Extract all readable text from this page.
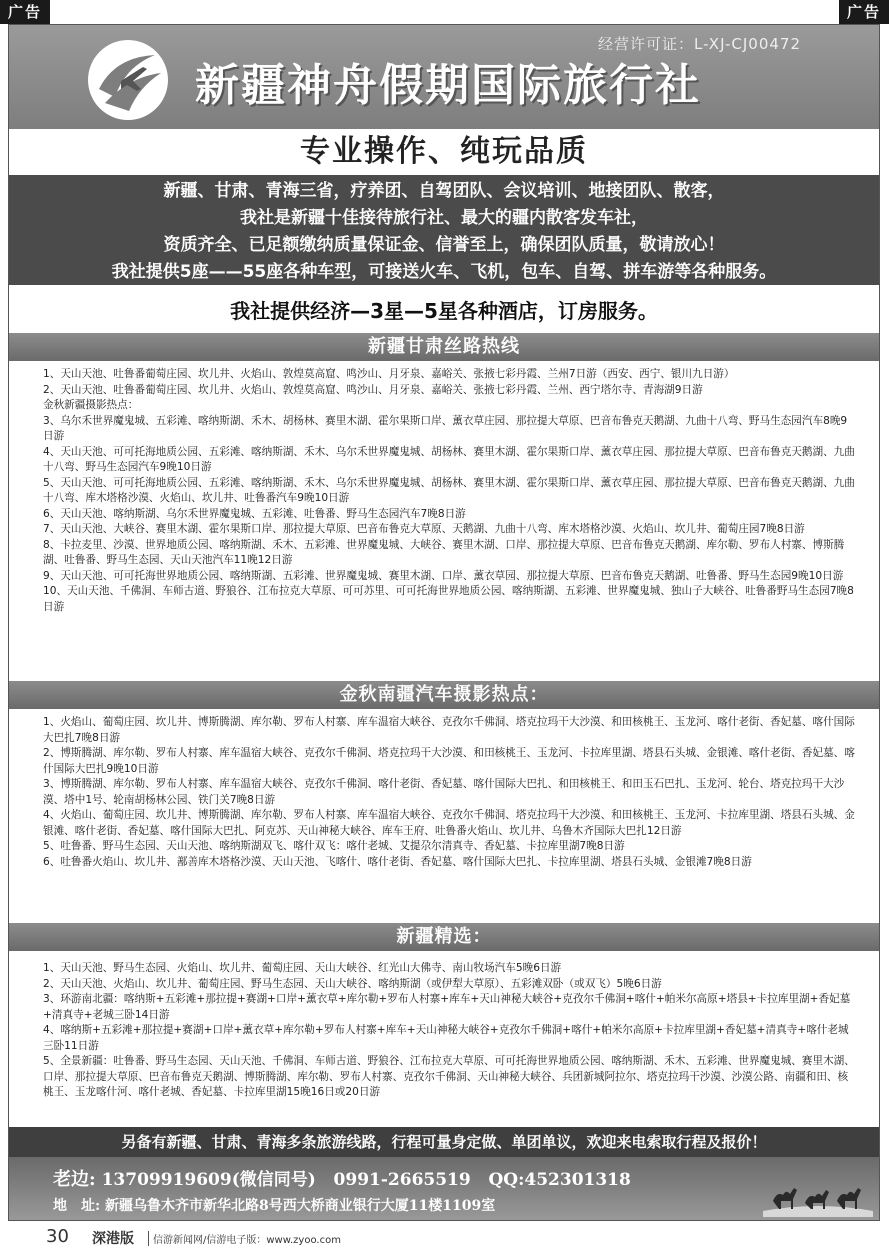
广告	广告
经营许可证：L-XJ-CJ00472
新疆神舟假期国际旅行社
专业操作、纯玩品质
新疆、甘肃、青海三省，疗养团、自驾团队、会议培训、地接团队、散客，
我社是新疆十佳接待旅行社、最大的疆内散客发车社，
资质齐全、已足额缴纳质量保证金、信誉至上，确保团队质量，敬请放心！
我社提供5座——55座各种车型，可接送火车、飞机，包车、自驾、拼车游等各种服务。
我社提供经济—3星—5星各种酒店，订房服务。
新疆甘肃丝路热线

1、天山天池、吐鲁番葡萄庄园、坎儿井、火焰山、敦煌莫高窟、鸣沙山、月牙泉、嘉峪关、张掖七彩丹霞、兰州7日游（西安、西宁、银川九日游）

2、天山天池、吐鲁番葡萄庄园、坎儿井、火焰山、敦煌莫高窟、鸣沙山、月牙泉、嘉峪关、张掖七彩丹霞、兰州、西宁塔尔寺、青海湖9日游

金秋新疆摄影热点：

3、乌尔禾世界魔鬼城、五彩滩、喀纳斯湖、禾木、胡杨林、赛里木湖、霍尔果斯口岸、薰衣草庄园、那拉提大草原、巴音布鲁克天鹅湖、九曲十八弯、野马生态园汽车8晚9日游

4、天山天池、可可托海地质公园、五彩滩、喀纳斯湖、禾木、乌尔禾世界魔鬼城、胡杨林、赛里木湖、霍尔果斯口岸、薰衣草庄园、那拉提大草原、巴音布鲁克天鹅湖、九曲十八弯、野马生态园汽车9晚10日游

5、天山天池、可可托海地质公园、五彩滩、喀纳斯湖、禾木、乌尔禾世界魔鬼城、胡杨林、赛里木湖、霍尔果斯口岸、薰衣草庄园、那拉提大草原、巴音布鲁克天鹅湖、九曲十八弯、库木塔格沙漠、火焰山、坎儿井、吐鲁番汽车9晚10日游

6、天山天池、喀纳斯湖、乌尔禾世界魔鬼城、五彩滩、吐鲁番、野马生态园汽车7晚8日游

7、天山天池、大峡谷、赛里木湖、霍尔果斯口岸、那拉提大草原、巴音布鲁克大草原、天鹅湖、九曲十八弯、库木塔格沙漠、火焰山、坎儿井、葡萄庄园7晚8日游

8、卡拉麦里、沙漠、世界地质公园、喀纳斯湖、禾木、五彩滩、世界魔鬼城、大峡谷、赛里木湖、口岸、那拉提大草原、巴音布鲁克天鹅湖、库尔勒、罗布人村寨、博斯腾湖、吐鲁番、野马生态园、天山天池汽车11晚12日游

9、天山天池、可可托海世界地质公园、喀纳斯湖、五彩滩、世界魔鬼城、赛里木湖、口岸、薰衣草园、那拉提大草原、巴音布鲁克天鹅湖、吐鲁番、野马生态园9晚10日游

10、天山天池、千佛洞、车师古道、野狼谷、江布拉克大草原、可可苏里、可可托海世界地质公园、喀纳斯湖、五彩滩、世界魔鬼城、独山子大峡谷、吐鲁番野马生态园7晚8日游

金秋南疆汽车摄影热点：

1、火焰山、葡萄庄园、坎儿井、博斯腾湖、库尔勒、罗布人村寨、库车温宿大峡谷、克孜尔千佛洞、塔克拉玛干大沙漠、和田核桃王、玉龙河、喀什老街、香妃墓、喀什国际大巴扎7晚8日游

2、博斯腾湖、库尔勒、罗布人村寨、库车温宿大峡谷、克孜尔千佛洞、塔克拉玛干大沙漠、和田核桃王、玉龙河、卡拉库里湖、塔县石头城、金银滩、喀什老街、香妃墓、喀什国际大巴扎9晚10日游

3、博斯腾湖、库尔勒、罗布人村寨、库车温宿大峡谷、克孜尔千佛洞、喀什老街、香妃墓、喀什国际大巴扎、和田核桃王、和田玉石巴扎、玉龙河、轮台、塔克拉玛干大沙漠、塔中1号、轮南胡杨林公园、铁门关7晚8日游

4、火焰山、葡萄庄园、坎儿井、博斯腾湖、库尔勒、罗布人村寨、库车温宿大峡谷、克孜尔千佛洞、塔克拉玛干大沙漠、和田核桃王、玉龙河、卡拉库里湖、塔县石头城、金银滩、喀什老街、香妃墓、喀什国际大巴扎、阿克苏、天山神秘大峡谷、库车王府、吐鲁番火焰山、坎儿井、乌鲁木齐国际大巴扎12日游

5、吐鲁番、野马生态园、天山天池、喀纳斯湖双飞、喀什双飞：喀什老城、艾提尕尔清真寺、香妃墓、卡拉库里湖7晚8日游

6、吐鲁番火焰山、坎儿井、鄯善库木塔格沙漠、天山天池、飞喀什、喀什老街、香妃墓、喀什国际大巴扎、卡拉库里湖、塔县石头城、金银滩7晚8日游

新疆精选：

1、天山天池、野马生态园、火焰山、坎儿井、葡萄庄园、天山大峡谷、红光山大佛寺、南山牧场汽车5晚6日游

2、天山天池、火焰山、坎儿井、葡萄庄园、野马生态园、天山大峡谷、喀纳斯湖（或伊犁大草原）、五彩滩双卧（或双飞）5晚6日游

3、环游南北疆：喀纳斯+五彩滩+那拉提+赛湖+口岸+薰衣草+库尔勒+罗布人村寨+库车+天山神秘大峡谷+克孜尔千佛洞+喀什+帕米尔高原+塔县+卡拉库里湖+香妃墓+清真寺+老城三卧14日游

4、喀纳斯+五彩滩+那拉提+赛湖+口岸+薰衣草+库尔勒+罗布人村寨+库车+天山神秘大峡谷+克孜尔千佛洞+喀什+帕米尔高原+卡拉库里湖+香妃墓+清真寺+喀什老城三卧11日游

5、全景新疆：吐鲁番、野马生态园、天山天池、千佛洞、车师古道、野狼谷、江布拉克大草原、可可托海世界地质公园、喀纳斯湖、禾木、五彩滩、世界魔鬼城、赛里木湖、口岸、那拉提大草原、巴音布鲁克天鹅湖、博斯腾湖、库尔勒、罗布人村寨、克孜尔千佛洞、天山神秘大峡谷、兵团新城阿拉尔、塔克拉玛干沙漠、沙漠公路、南疆和田、核桃王、玉龙喀什河、喀什老城、香妃墓、卡拉库里湖15晚16日或20日游

另备有新疆、甘肃、青海多条旅游线路，行程可量身定做、单团单议，欢迎来电索取行程及报价！
老边: 13709919609(微信同号) 0991-2665519 QQ:452301318
地　址: 新疆乌鲁木齐市新华北路8号西大桥商业银行大厦11楼1109室
30 深港版	信游新闻网/信游电子版：www.zyoo.com
